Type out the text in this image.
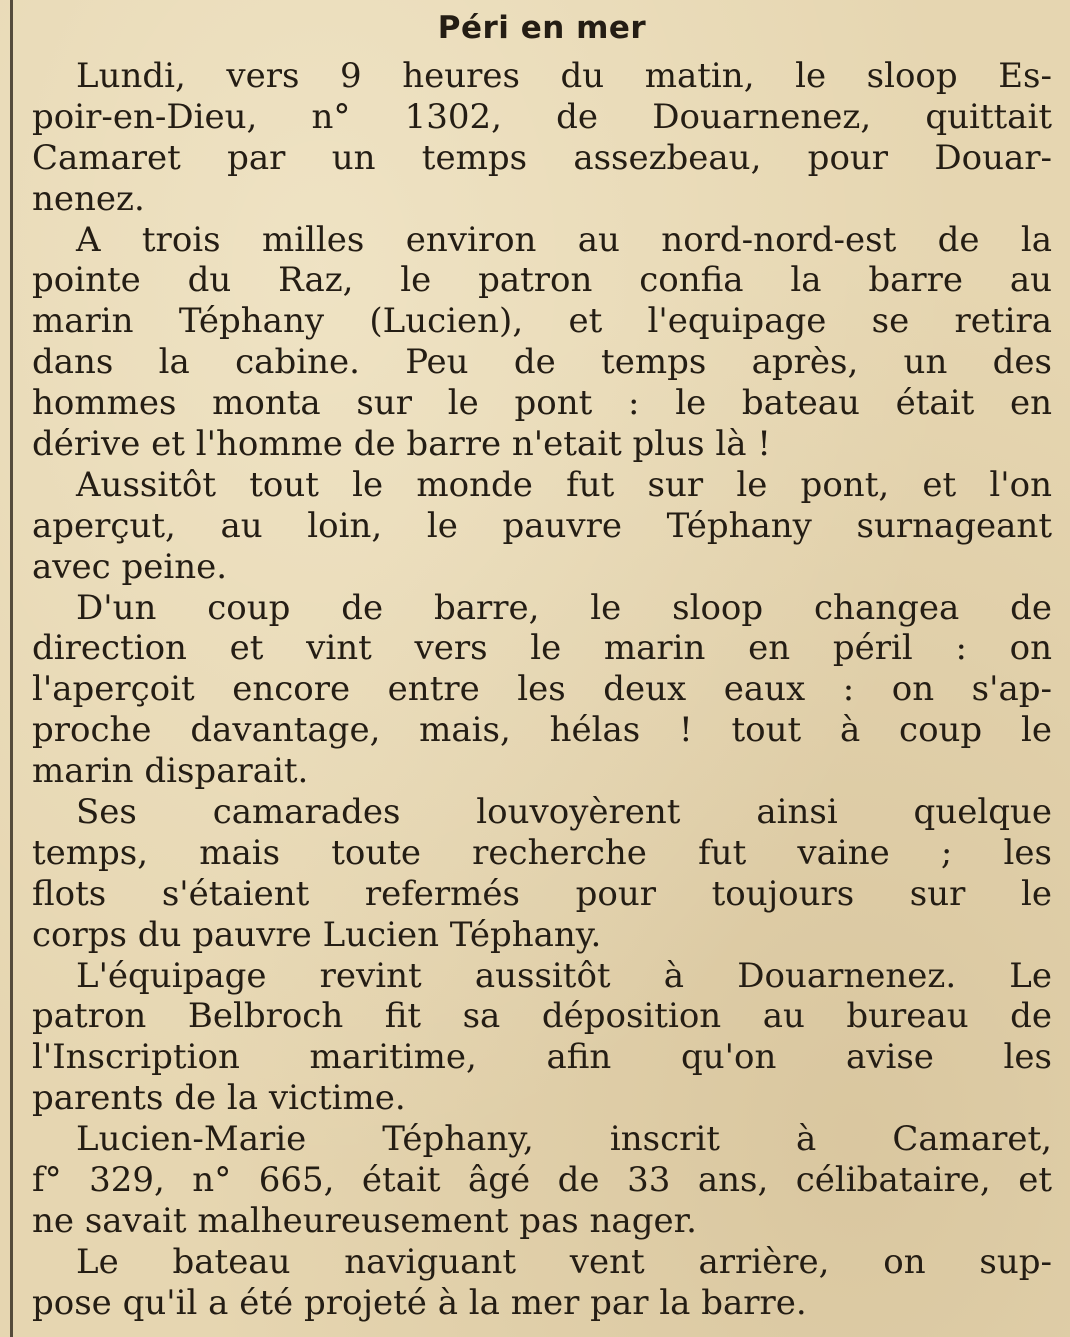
Péri en mer
Lundi, vers 9 heures du matin, le sloop Es-
poir-en-Dieu, n° 1302, de Douarnenez, quittait
Camaret par un temps assezbeau, pour Douar-
nenez.
A trois milles environ au nord-nord-est de la
pointe du Raz, le patron confia la barre au
marin Téphany (Lucien), et l'equipage se retira
dans la cabine. Peu de temps après, un des
hommes monta sur le pont : le bateau était en
dérive et l'homme de barre n'etait plus là !
Aussitôt tout le monde fut sur le pont, et l'on
aperçut, au loin, le pauvre Téphany surnageant
avec peine.
D'un coup de barre, le sloop changea de
direction et vint vers le marin en péril : on
l'aperçoit encore entre les deux eaux : on s'ap-
proche davantage, mais, hélas ! tout à coup le
marin disparait.
Ses camarades louvoyèrent ainsi quelque
temps, mais toute recherche fut vaine ; les
flots s'étaient refermés pour toujours sur le
corps du pauvre Lucien Téphany.
L'équipage revint aussitôt à Douarnenez. Le
patron Belbroch fit sa déposition au bureau de
l'Inscription maritime, afin qu'on avise les
parents de la victime.
Lucien-Marie Téphany, inscrit à Camaret,
f° 329, n° 665, était âgé de 33 ans, célibataire, et
ne savait malheureusement pas nager.
Le bateau naviguant vent arrière, on sup-
pose qu'il a été projeté à la mer par la barre.
